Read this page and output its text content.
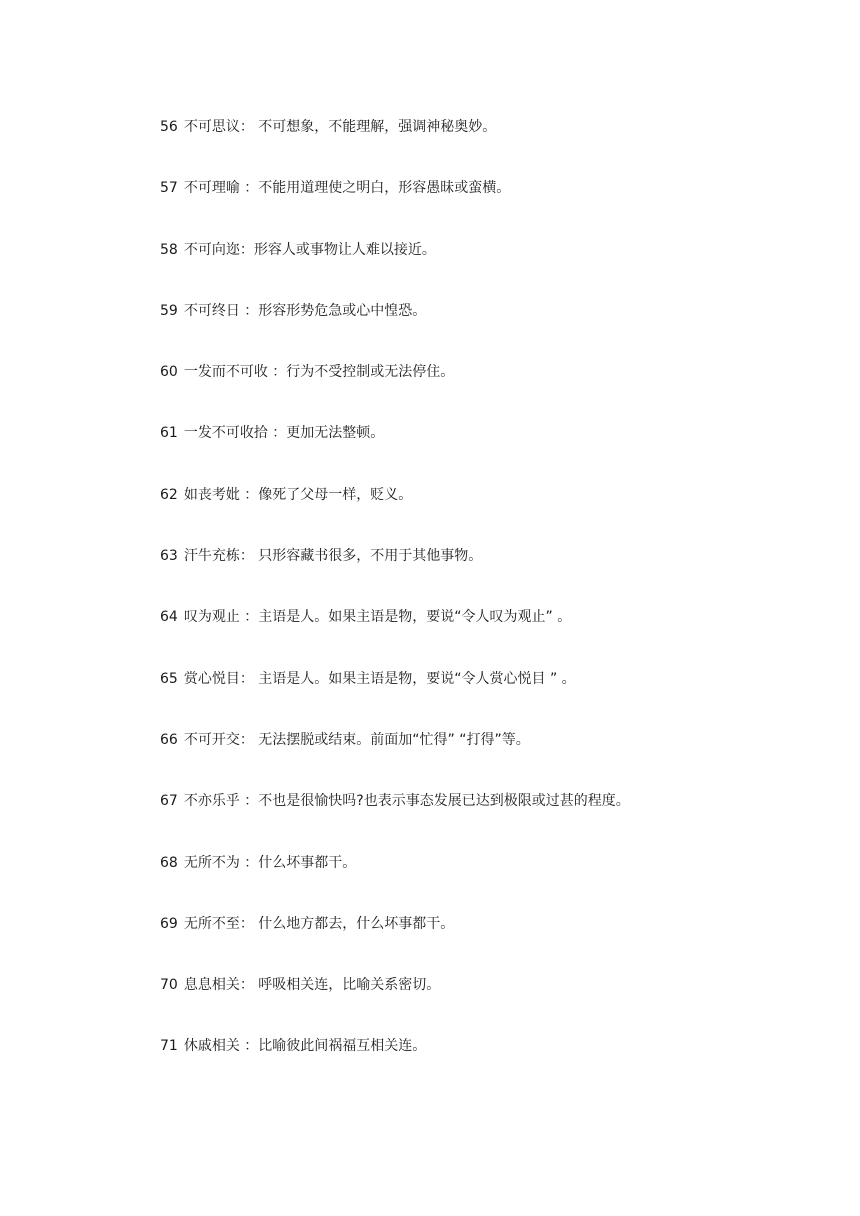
56 不可思议： 不可想象，不能理解，强调神秘奥妙。
57 不可理喻 ：不能用道理使之明白，形容愚昧或蛮横。
58 不可向迩：形容人或事物让人难以接近。
59 不可终日 ：形容形势危急或心中惶恐。
60 一发而不可收 ：行为不受控制或无法停住。
61 一发不可收拾 ：更加无法整顿。
62 如丧考妣 ：像死了父母一样，贬义。
63 汗牛充栋： 只形容藏书很多，不用于其他事物。
64 叹为观止 ：主语是人。如果主语是物，要说“令人叹为观止” 。
65 赏心悦目： 主语是人。如果主语是物，要说“令人赏心悦目 ” 。
66 不可开交： 无法摆脱或结束。前面加“忙得” “打得”等。
67 不亦乐乎 ：不也是很愉快吗?也表示事态发展已达到极限或过甚的程度。
68 无所不为 ：什么坏事都干。
69 无所不至： 什么地方都去，什么坏事都干。
70 息息相关： 呼吸相关连，比喻关系密切。
71 休戚相关 ：比喻彼此间祸福互相关连。
